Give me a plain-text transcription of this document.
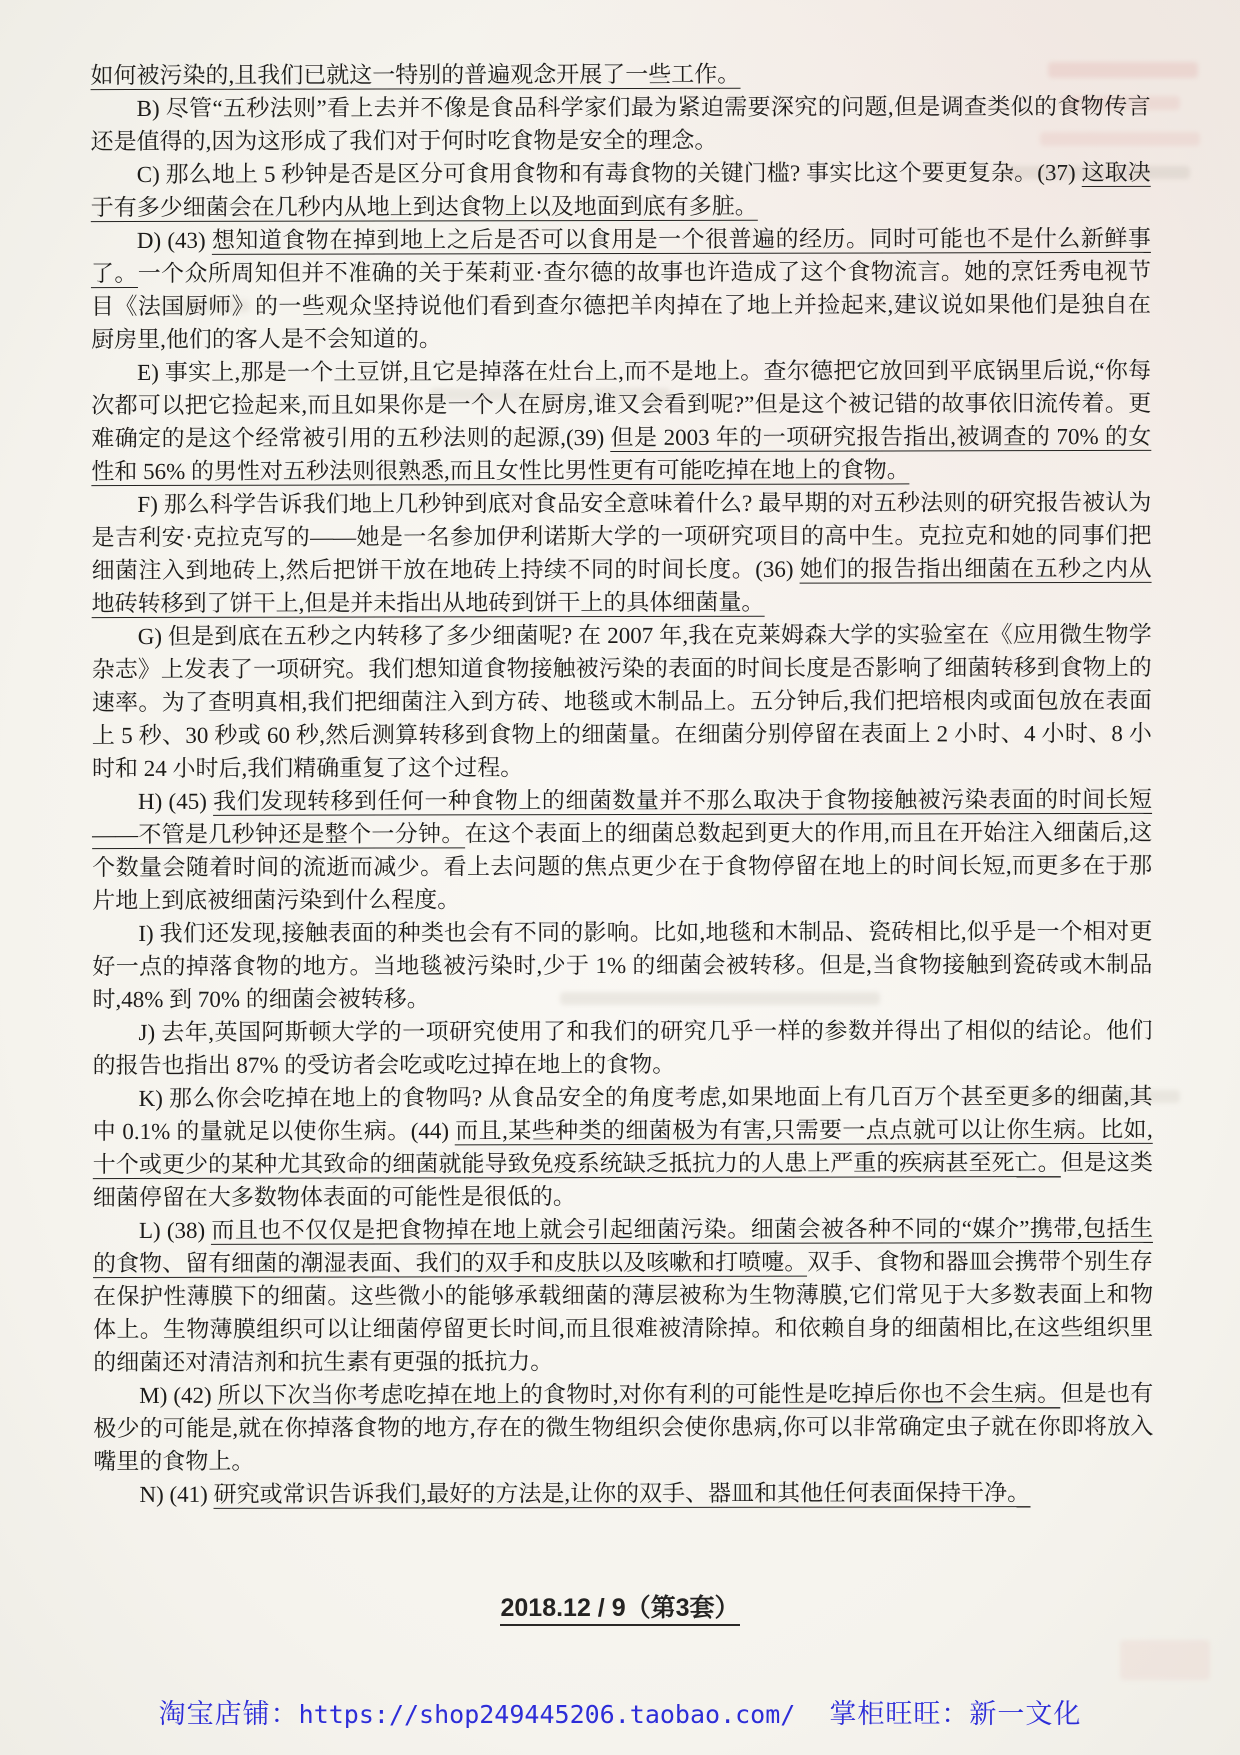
如何被污染的,且我们已就这一特别的普遍观念开展了一些工作。

B) 尽管“五秒法则”看上去并不像是食品科学家们最为紧迫需要深究的问题,但是调查类似的食物传言还是值得的,因为这形成了我们对于何时吃食物是安全的理念。

C) 那么地上 5 秒钟是否是区分可食用食物和有毒食物的关键门槛? 事实比这个要更复杂。(37) 这取决于有多少细菌会在几秒内从地上到达食物上以及地面到底有多脏。

D) (43) 想知道食物在掉到地上之后是否可以食用是一个很普遍的经历。同时可能也不是什么新鲜事了。一个众所周知但并不准确的关于茱莉亚·查尔德的故事也许造成了这个食物流言。她的烹饪秀电视节目《法国厨师》的一些观众坚持说他们看到查尔德把羊肉掉在了地上并捡起来,建议说如果他们是独自在厨房里,他们的客人是不会知道的。

E) 事实上,那是一个土豆饼,且它是掉落在灶台上,而不是地上。查尔德把它放回到平底锅里后说,“你每次都可以把它捡起来,而且如果你是一个人在厨房,谁又会看到呢?”但是这个被记错的故事依旧流传着。更难确定的是这个经常被引用的五秒法则的起源,(39) 但是 2003 年的一项研究报告指出,被调查的 70% 的女性和 56% 的男性对五秒法则很熟悉,而且女性比男性更有可能吃掉在地上的食物。

F) 那么科学告诉我们地上几秒钟到底对食品安全意味着什么? 最早期的对五秒法则的研究报告被认为是吉利安·克拉克写的——她是一名参加伊利诺斯大学的一项研究项目的高中生。克拉克和她的同事们把细菌注入到地砖上,然后把饼干放在地砖上持续不同的时间长度。(36) 她们的报告指出细菌在五秒之内从地砖转移到了饼干上,但是并未指出从地砖到饼干上的具体细菌量。

G) 但是到底在五秒之内转移了多少细菌呢? 在 2007 年,我在克莱姆森大学的实验室在《应用微生物学杂志》上发表了一项研究。我们想知道食物接触被污染的表面的时间长度是否影响了细菌转移到食物上的速率。为了查明真相,我们把细菌注入到方砖、地毯或木制品上。五分钟后,我们把培根肉或面包放在表面上 5 秒、30 秒或 60 秒,然后测算转移到食物上的细菌量。在细菌分别停留在表面上 2 小时、4 小时、8 小时和 24 小时后,我们精确重复了这个过程。

H) (45) 我们发现转移到任何一种食物上的细菌数量并不那么取决于食物接触被污染表面的时间长短——不管是几秒钟还是整个一分钟。在这个表面上的细菌总数起到更大的作用,而且在开始注入细菌后,这个数量会随着时间的流逝而减少。看上去问题的焦点更少在于食物停留在地上的时间长短,而更多在于那片地上到底被细菌污染到什么程度。

I) 我们还发现,接触表面的种类也会有不同的影响。比如,地毯和木制品、瓷砖相比,似乎是一个相对更好一点的掉落食物的地方。当地毯被污染时,少于 1% 的细菌会被转移。但是,当食物接触到瓷砖或木制品时,48% 到 70% 的细菌会被转移。

J) 去年,英国阿斯顿大学的一项研究使用了和我们的研究几乎一样的参数并得出了相似的结论。他们的报告也指出 87% 的受访者会吃或吃过掉在地上的食物。

K) 那么你会吃掉在地上的食物吗? 从食品安全的角度考虑,如果地面上有几百万个甚至更多的细菌,其中 0.1% 的量就足以使你生病。(44) 而且,某些种类的细菌极为有害,只需要一点点就可以让你生病。比如,十个或更少的某种尤其致命的细菌就能导致免疫系统缺乏抵抗力的人患上严重的疾病甚至死亡。但是这类细菌停留在大多数物体表面的可能性是很低的。

L) (38) 而且也不仅仅是把食物掉在地上就会引起细菌污染。细菌会被各种不同的“媒介”携带,包括生的食物、留有细菌的潮湿表面、我们的双手和皮肤以及咳嗽和打喷嚏。双手、食物和器皿会携带个别生存在保护性薄膜下的细菌。这些微小的能够承载细菌的薄层被称为生物薄膜,它们常见于大多数表面上和物体上。生物薄膜组织可以让细菌停留更长时间,而且很难被清除掉。和依赖自身的细菌相比,在这些组织里的细菌还对清洁剂和抗生素有更强的抵抗力。

M) (42) 所以下次当你考虑吃掉在地上的食物时,对你有利的可能性是吃掉后你也不会生病。但是也有极少的可能是,就在你掉落食物的地方,存在的微生物组织会使你患病,你可以非常确定虫子就在你即将放入嘴里的食物上。

N) (41) 研究或常识告诉我们,最好的方法是,让你的双手、器皿和其他任何表面保持干净。

2018.12 / 9（第3套）
淘宝店铺：https://shop249445206.taobao.com/ 掌柜旺旺：新一文化
